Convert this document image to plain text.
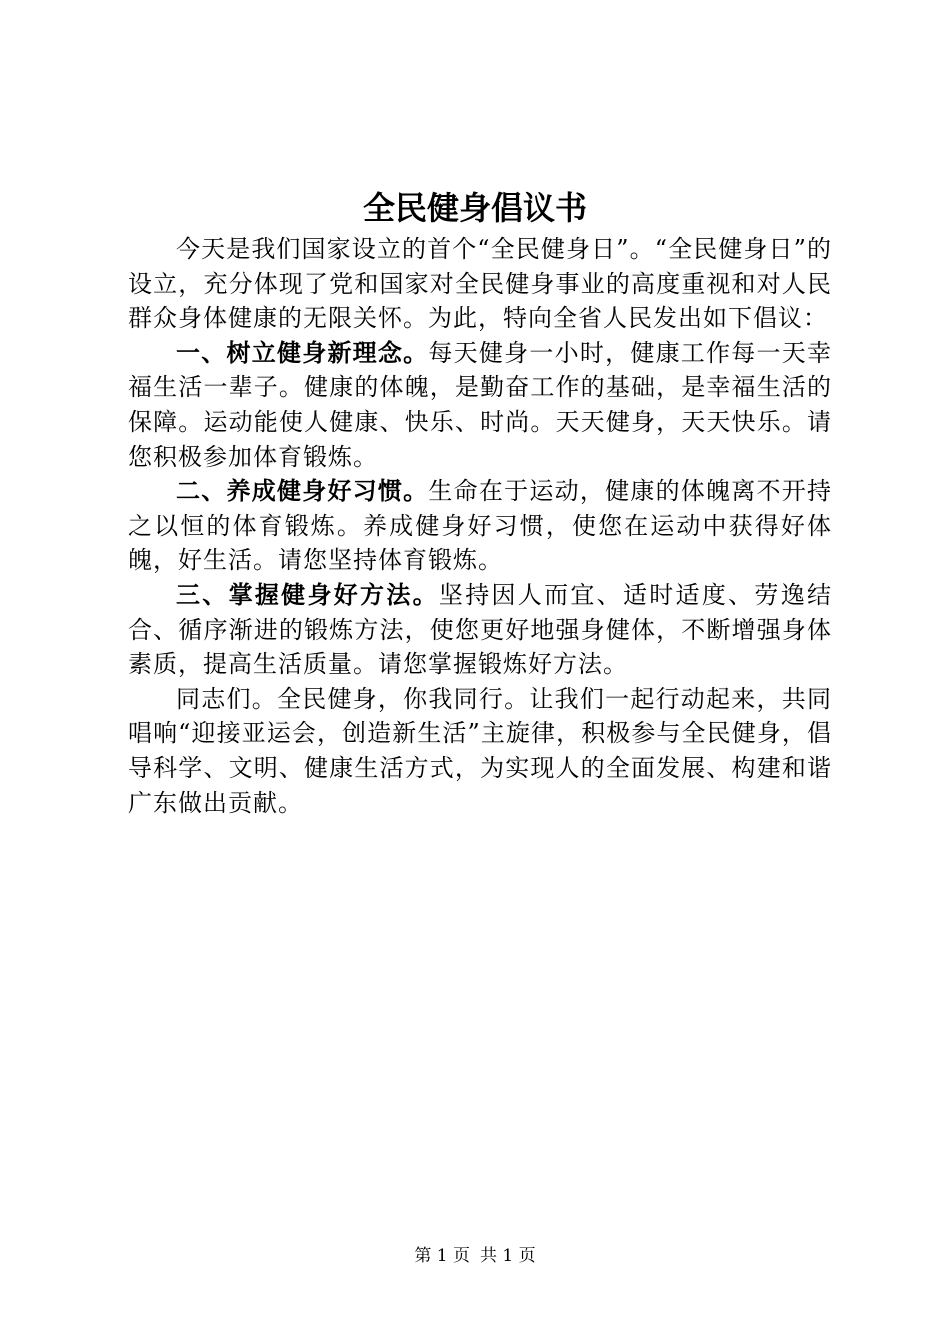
全民健身倡议书

今天是我们国家设立的首个“全民健身日”。“全民健身日”的设立，充分体现了党和国家对全民健身事业的高度重视和对人民群众身体健康的无限关怀。为此，特向全省人民发出如下倡议：

一、树立健身新理念。每天健身一小时，健康工作每一天幸福生活一辈子。健康的体魄，是勤奋工作的基础，是幸福生活的保障。运动能使人健康、快乐、时尚。天天健身，天天快乐。请您积极参加体育锻炼。

二、养成健身好习惯。生命在于运动，健康的体魄离不开持之以恒的体育锻炼。养成健身好习惯，使您在运动中获得好体魄，好生活。请您坚持体育锻炼。

三、掌握健身好方法。坚持因人而宜、适时适度、劳逸结合、循序渐进的锻炼方法，使您更好地强身健体，不断增强身体素质，提高生活质量。请您掌握锻炼好方法。

同志们。全民健身，你我同行。让我们一起行动起来，共同唱响“迎接亚运会，创造新生活”主旋律，积极参与全民健身，倡导科学、文明、健康生活方式，为实现人的全面发展、构建和谐广东做出贡献。

第 1 页 共 1 页
